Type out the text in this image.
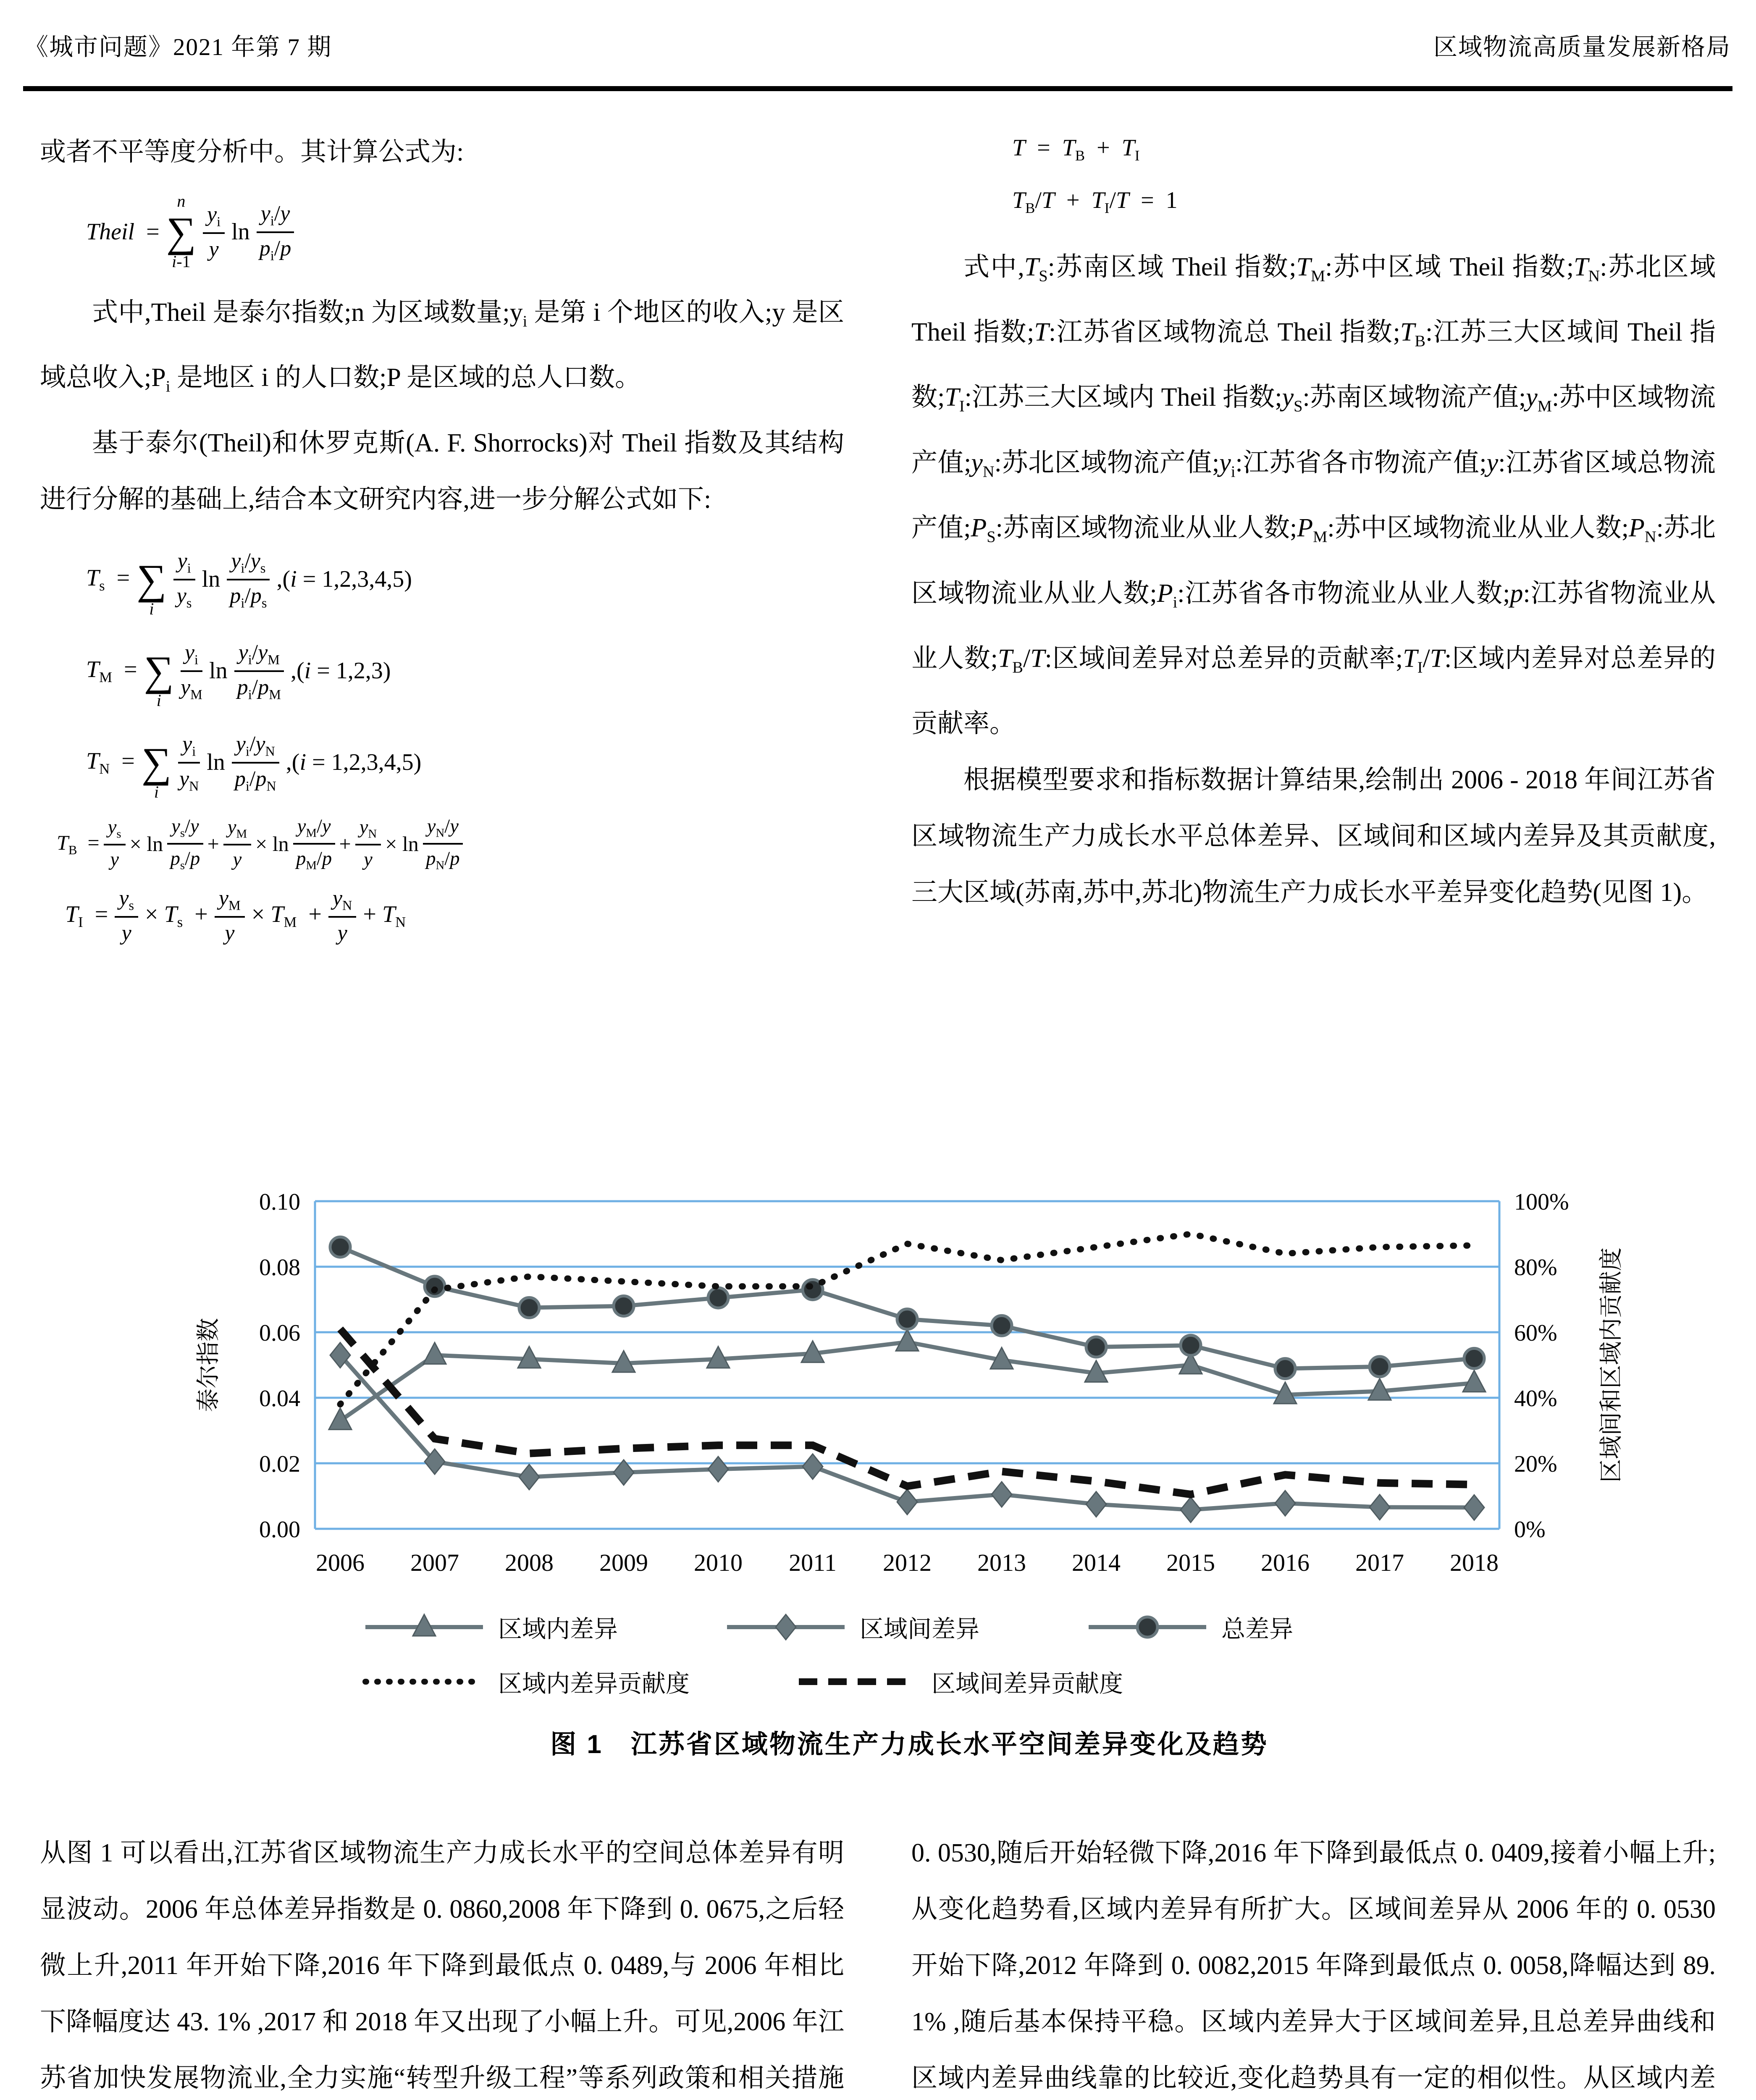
《城市问题》2021 年第 7 期	区域物流高质量发展新格局

或者不平等度分析中。其计算公式为:

Theil  =
n
∑
i-1
$y_i$
y
ln
$y_i/y$
$p_i/p$

式中,Theil 是泰尔指数;n 为区域数量$;y_i$ 是第 i 个地区的收入;y 是区域总收入$;P_i$ 是地区 i 的人口数;P 是区域的总人口数。

基于泰尔(Theil)和休罗克斯(A. F. Shorrocks)对 Theil 指数及其结构进行分解的基础上,结合本文研究内容,进一步分解公式如下:

$T_s$  = ∑
i
$y_i$
$y_s$
ln
$y_i/y_s$
$p_i/p_s$
,(i = 1,2,3,4,5)
$T_M$  = ∑
i
$y_i$
$y_M$
ln
$y_i/y_M$
$p_i/p_M$
,(i = 1,2,3)
$T_N$  = ∑
i
$y_i$
$y_N$
ln
$y_i/y_N$
$p_i/p_N$
,(i = 1,2,3,4,5)
$T_B = \frac{y_s}{y} \times \ln$
$y_s/y$
$p_s/p$
+ $\frac{y_M}{y} \times \ln$
$y_M/y$
$p_M/p$
+ $\frac{y_N}{y} \times \ln$
$y_N/y$
$p_N/p$
$T_I = \frac{y_s}{y} \times T_s + \frac{y_M}{y} \times T_M + \frac{y_N}{y} + T_N$
$T = T_B + T_I$
$T_B/T + T_I/T = 1$

式中$,T_S$:苏南区域 Theil 指数$;T_M$:苏中区域 Theil 指数$;T_N$:苏北区域 Theil 指数;T:江苏省区域物流总 Theil 指数$;T_B$:江苏三大区域间 Theil 指数$;T_I$:江苏三大区域内 Theil 指数$;y_S$:苏南区域物流产值$;y_M$:苏中区域物流产值$;y_N$:苏北区域物流产值$;y_i$:江苏省各市物流产值;y:江苏省区域总物流产值$;P_S$:苏南区域物流业从业人数$;P_M$:苏中区域物流业从业人数$;P_N$:苏北区域物流业从业人数$;P_i$:江苏省各市物流业从业人数;p:江苏省物流业从业人数$;T_B/T$:区域间差异对总差异的贡献率$;T_I/T$:区域内差异对总差异的贡献率。

根据模型要求和指标数据计算结果,绘制出 2006 - 2018 年间江苏省区域物流生产力成长水平总体差异、区域间和区域内差异及其贡献度,三大区域(苏南,苏中,苏北)物流生产力成长水平差异变化趋势(见图 1)。

0.10	100%
0.08	80%
0.06	60%
0.04	40%
0.02	20%
0.00	0%
2006 2007 2008 2009 2010 2011 2012 2013 2014 2015 2016 2017 2018
泰尔指数	区域间和区域内贡献度
区域内差异	区域间差异	总差异
区域内差异贡献度	区域间差异贡献度
图 1　江苏省区域物流生产力成长水平空间差异变化及趋势

从图 1 可以看出,江苏省区域物流生产力成长水平的空间总体差异有明显波动。2006 年总体差异指数是 0. 0860,2008 年下降到 0. 0675,之后轻微上升,2011 年开始下降,2016 年下降到最低点 0. 0489,与 2006 年相比下降幅度达 43. 1% ,2017 和 2018 年又出现了小幅上升。可见,2006 年江苏省加快发展物流业,全力实施“转型升级工程”等系列政策和相关措施

0. 0530,随后开始轻微下降,2016 年下降到最低点 0. 0409,接着小幅上升;从变化趋势看,区域内差异有所扩大。区域间差异从 2006 年的 0. 0530 开始下降,2012 年降到 0. 0082,2015 年降到最低点 0. 0058,降幅达到 89. 1% ,随后基本保持平稳。区域内差异大于区域间差异,且总差异曲线和区域内差异曲线靠的比较近,变化趋势具有一定的相似性。从区域内差
